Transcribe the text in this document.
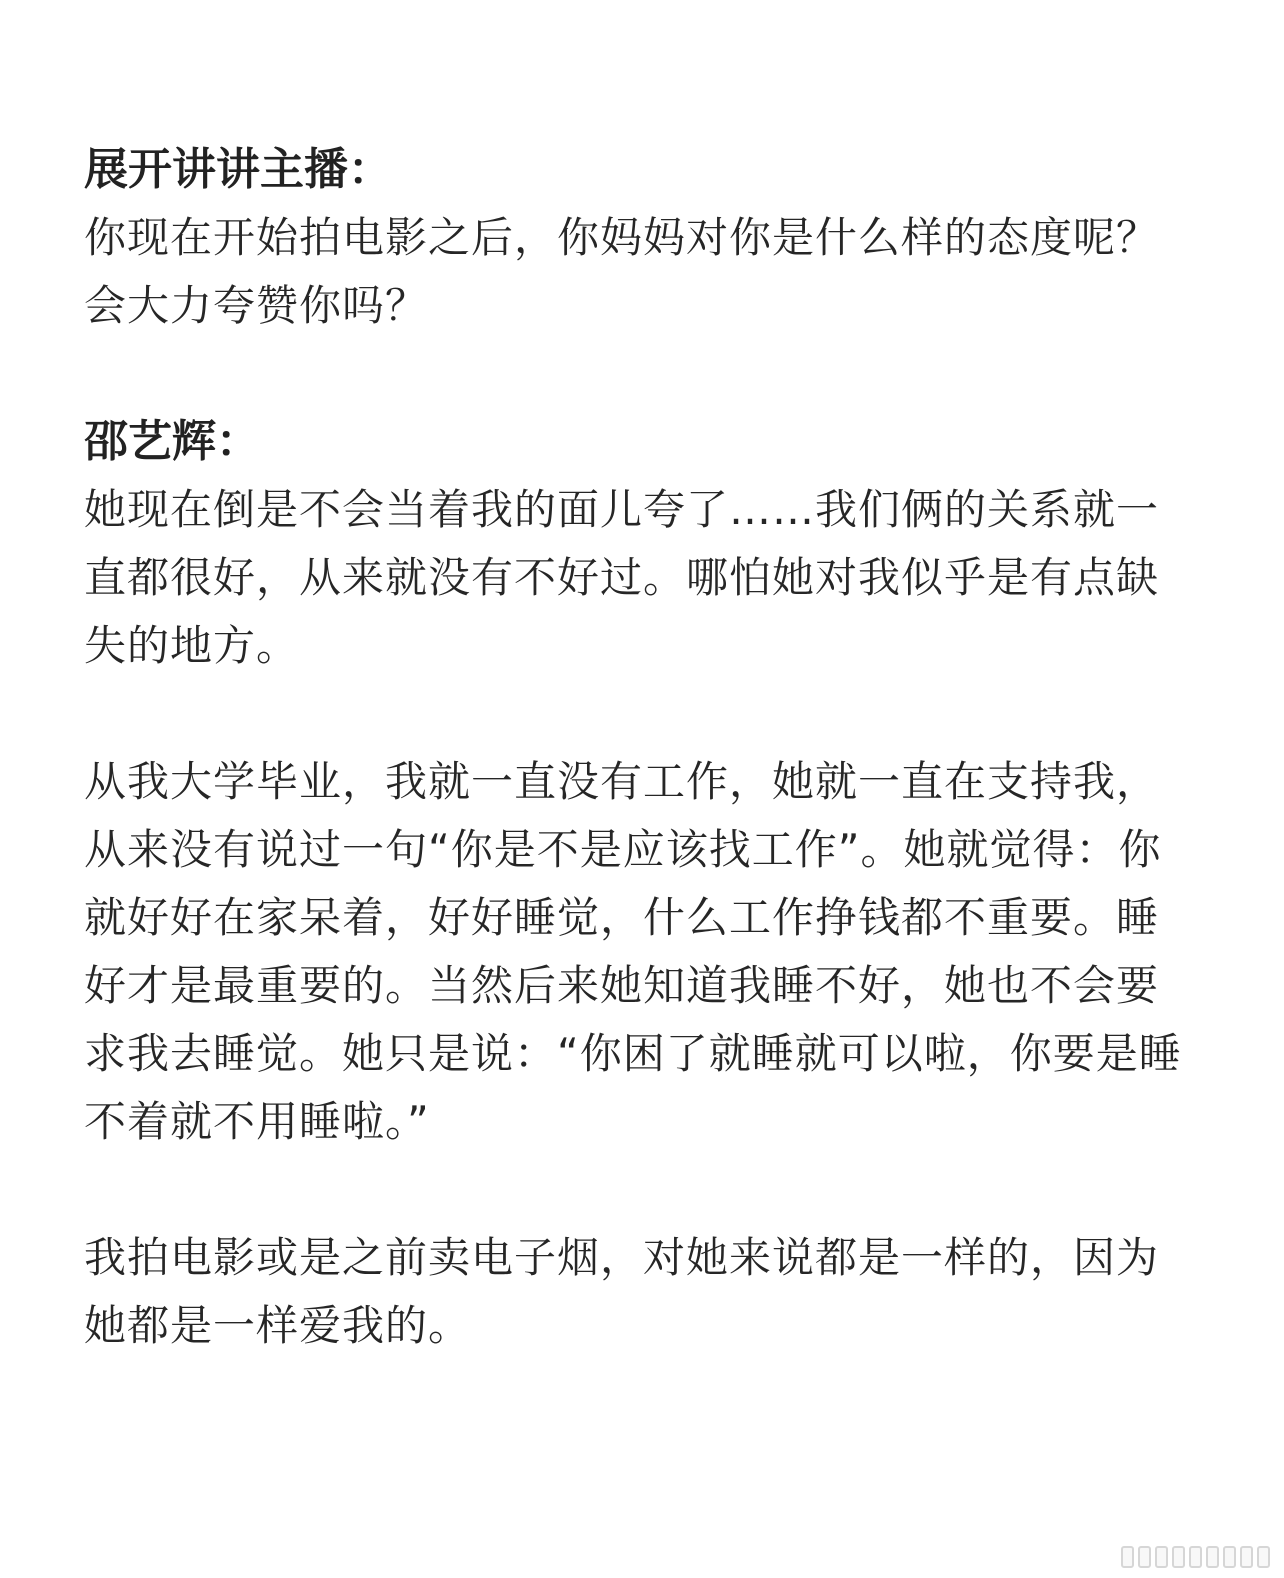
展开讲讲主播：

你现在开始拍电影之后，你妈妈对你是什么样的态度呢？会大力夸赞你吗？

邵艺辉：

她现在倒是不会当着我的面儿夸了……我们俩的关系就一直都很好，从来就没有不好过。哪怕她对我似乎是有点缺失的地方。

从我大学毕业，我就一直没有工作，她就一直在支持我，从来没有说过一句“你是不是应该找工作”。她就觉得：你就好好在家呆着，好好睡觉，什么工作挣钱都不重要。睡好才是最重要的。当然后来她知道我睡不好，她也不会要求我去睡觉。她只是说：“你困了就睡就可以啦，你要是睡不着就不用睡啦。”

我拍电影或是之前卖电子烟，对她来说都是一样的，因为她都是一样爱我的。
